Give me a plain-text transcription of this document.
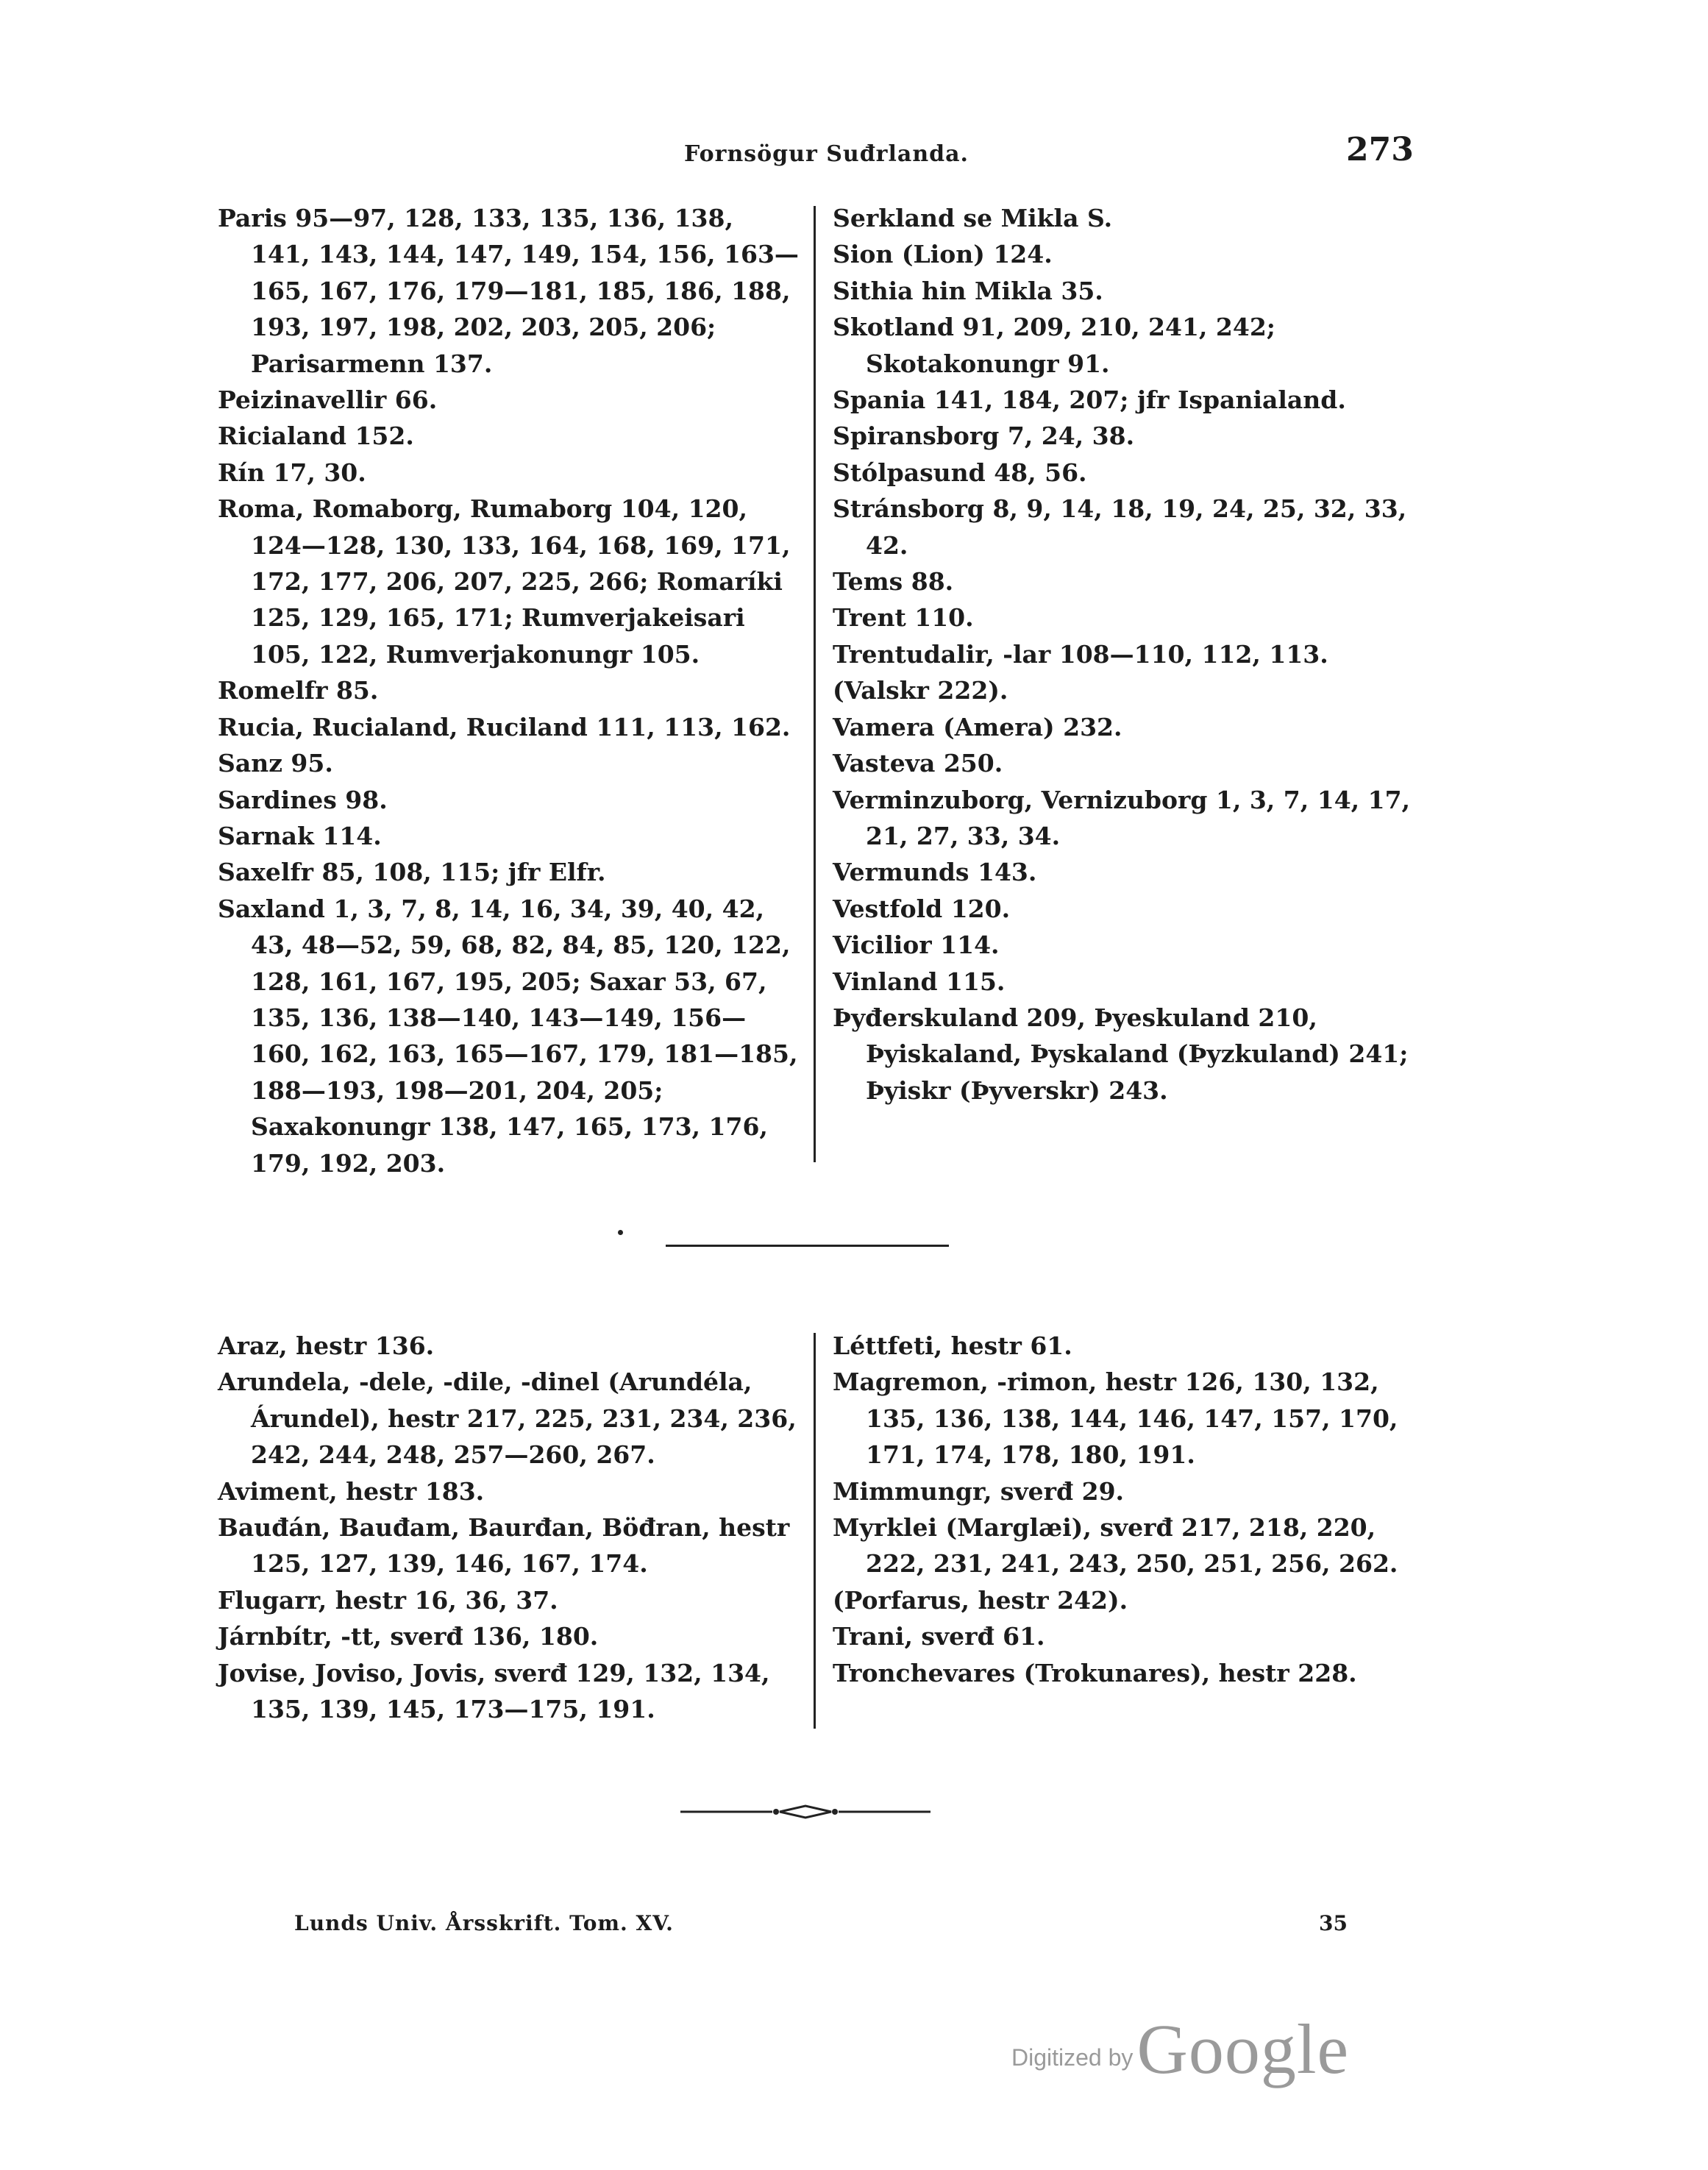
Fornsögur Suđrlanda.	273
Paris 95—97, 128, 133, 135, 136, 138, 141, 143, 144, 147, 149, 154, 156, 163—165, 167, 176, 179—181, 185, 186, 188, 193, 197, 198, 202, 203, 205, 206; Parisarmenn 137.
Peizinavellir 66.
Ricialand 152.
Rín 17, 30.
Roma, Romaborg, Rumaborg 104, 120, 124—128, 130, 133, 164, 168, 169, 171, 172, 177, 206, 207, 225, 266; Romaríki 125, 129, 165, 171; Rumverjakeisari 105, 122, Rumverjakonungr 105.
Romelfr 85.
Rucia, Rucialand, Ruciland 111, 113, 162.
Sanz 95.
Sardines 98.
Sarnak 114.
Saxelfr 85, 108, 115; jfr Elfr.
Saxland 1, 3, 7, 8, 14, 16, 34, 39, 40, 42, 43, 48—52, 59, 68, 82, 84, 85, 120, 122, 128, 161, 167, 195, 205; Saxar 53, 67, 135, 136, 138—140, 143—149, 156—160, 162, 163, 165—167, 179, 181—185, 188—193, 198—201, 204, 205; Saxakonungr 138, 147, 165, 173, 176, 179, 192, 203.
Serkland se Mikla S.
Sion (Lion) 124.
Sithia hin Mikla 35.
Skotland 91, 209, 210, 241, 242; Skotakonungr 91.
Spania 141, 184, 207; jfr Ispanialand.
Spiransborg 7, 24, 38.
Stólpasund 48, 56.
Stránsborg 8, 9, 14, 18, 19, 24, 25, 32, 33, 42.
Tems 88.
Trent 110.
Trentudalir, -lar 108—110, 112, 113.
(Valskr 222).
Vamera (Amera) 232.
Vasteva 250.
Verminzuborg, Vernizuborg 1, 3, 7, 14, 17, 21, 27, 33, 34.
Vermunds 143.
Vestfold 120.
Vicilior 114.
Vinland 115.
Þyđerskuland 209, Þyeskuland 210, Þyiskaland, Þyskaland (Þyzkuland) 241; Þyiskr (Þyverskr) 243.
Araz, hestr 136.
Arundela, -dele, -dile, -dinel (Arundéla, Árundel), hestr 217, 225, 231, 234, 236, 242, 244, 248, 257—260, 267.
Aviment, hestr 183.
Bauđán, Bauđam, Baurđan, Böđran, hestr 125, 127, 139, 146, 167, 174.
Flugarr, hestr 16, 36, 37.
Járnbítr, -tt, sverđ 136, 180.
Jovise, Joviso, Jovis, sverđ 129, 132, 134, 135, 139, 145, 173—175, 191.
Léttfeti, hestr 61.
Magremon, -rimon, hestr 126, 130, 132, 135, 136, 138, 144, 146, 147, 157, 170, 171, 174, 178, 180, 191.
Mimmungr, sverđ 29.
Myrklei (Marglæi), sverđ 217, 218, 220, 222, 231, 241, 243, 250, 251, 256, 262.
(Porfarus, hestr 242).
Trani, sverđ 61.
Tronchevares (Trokunares), hestr 228.
Lunds Univ. Årsskrift. Tom. XV.	35
Digitized by Google
